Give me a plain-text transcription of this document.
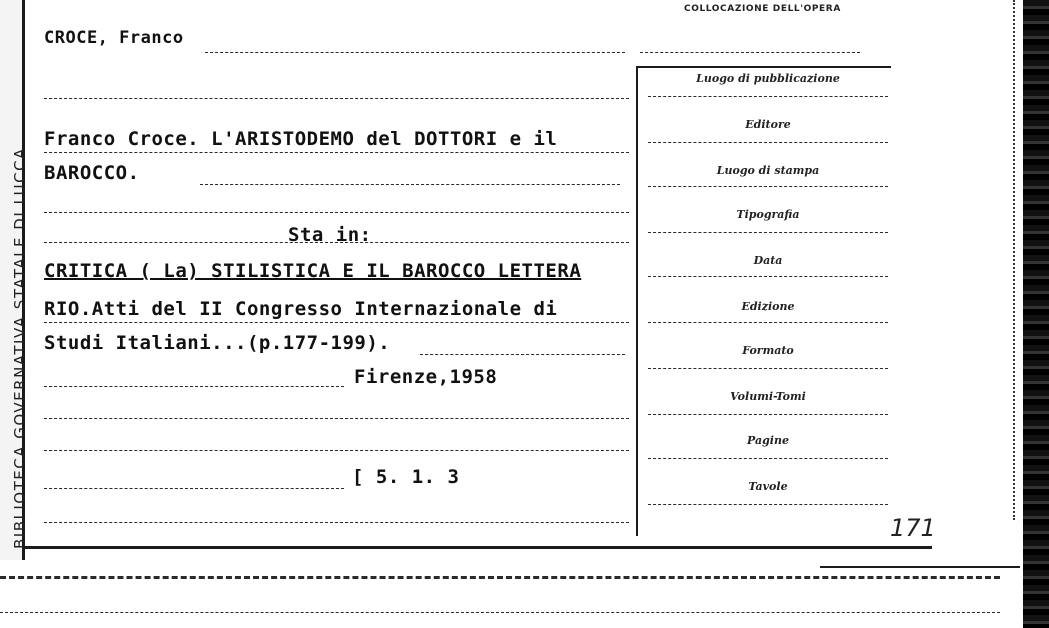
BIBLIOTECA GOVERNATIVA STATALE DI LUCCA
COLLOCAZIONE DELL'OPERA
CROCE, Franco
Franco Croce. L'ARISTODEMO del DOTTORI e il
BAROCCO.
Sta in:
CRITICA ( La) STILISTICA E IL BAROCCO LETTERA
RIO.Atti del II Congresso Internazionale di
Studi Italiani...(p.177-199).
Firenze,1958
[ 5. 1. 3
Luogo di pubblicazione
Editore
Luogo di stampa
Tipografia
Data
Edizione
Formato
Volumi-Tomi
Pagine
Tavole
171
